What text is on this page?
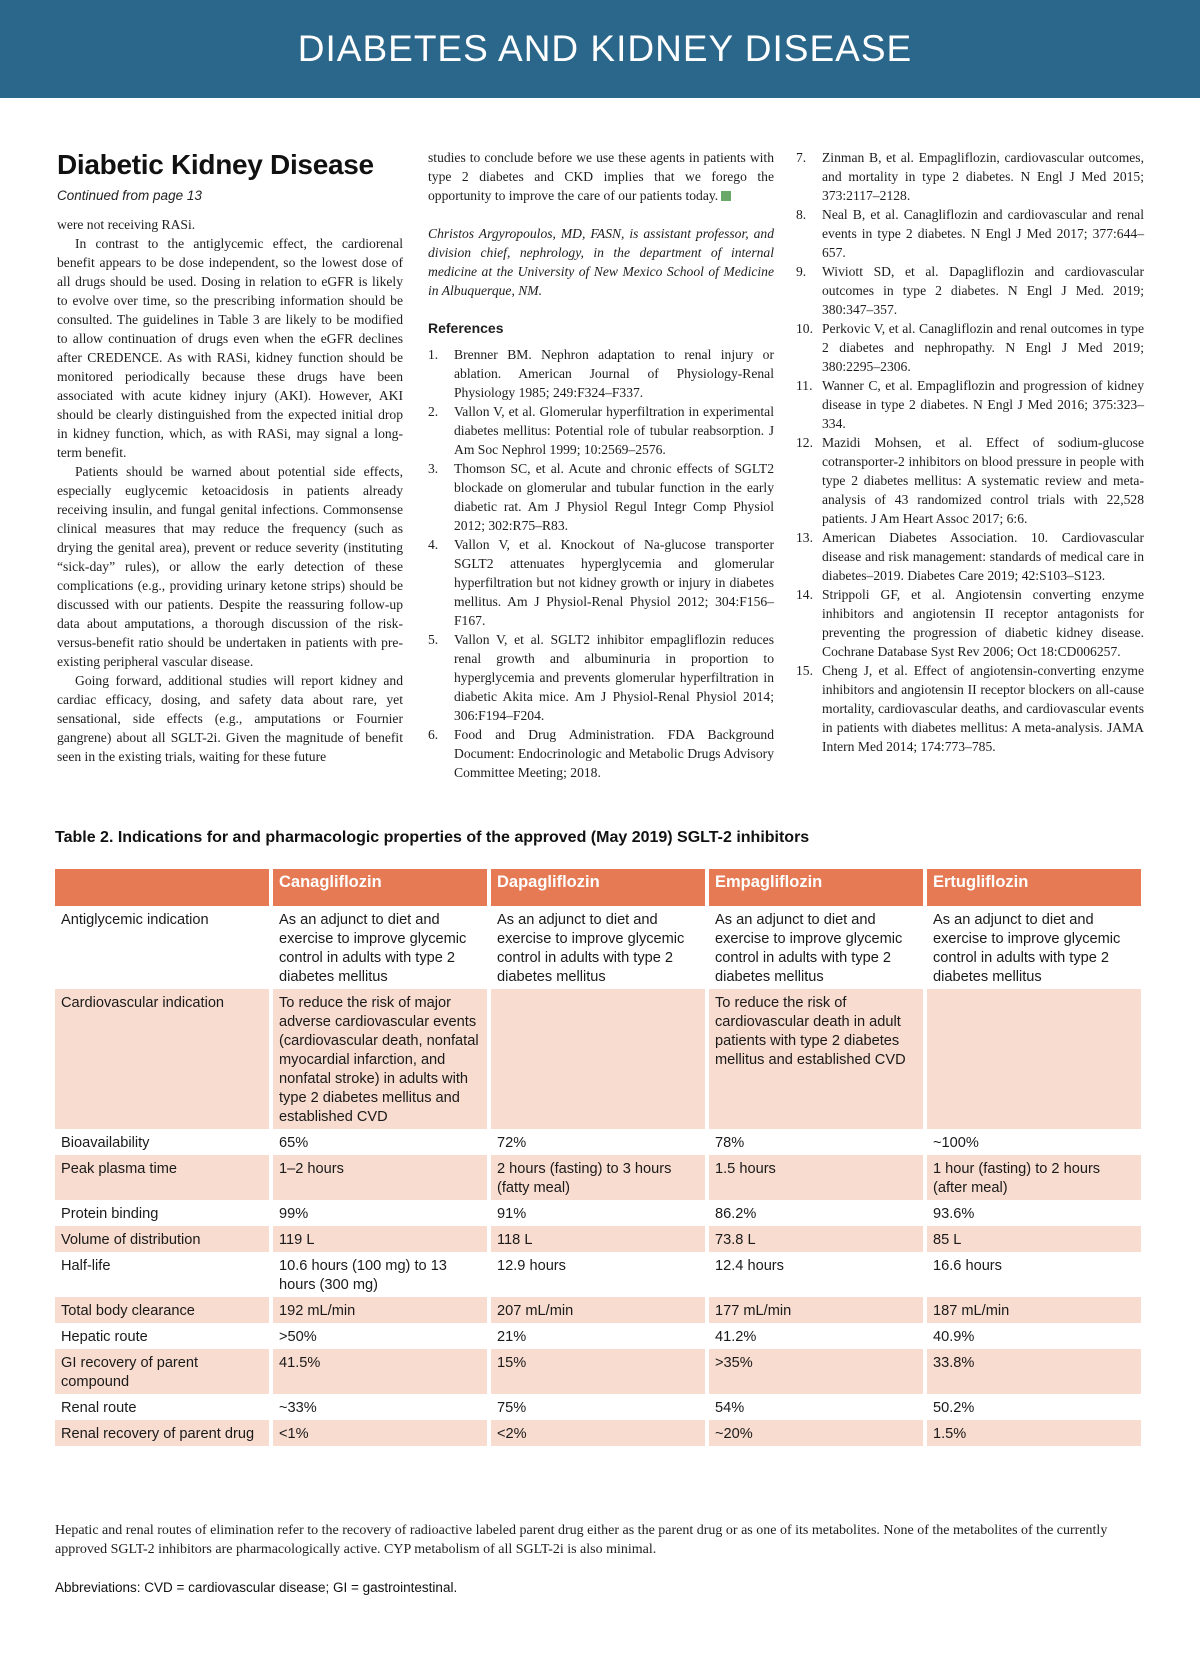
DIABETES AND KIDNEY DISEASE
Diabetic Kidney Disease
Continued from page 13

were not receiving RASi.

In contrast to the antiglycemic effect, the cardiorenal benefit appears to be dose independent, so the lowest dose of all drugs should be used. Dosing in relation to eGFR is likely to evolve over time, so the prescribing information should be consulted. The guidelines in Table 3 are likely to be modified to allow continuation of drugs even when the eGFR declines after CREDENCE. As with RASi, kidney function should be monitored periodically because these drugs have been associated with acute kidney injury (AKI). However, AKI should be clearly distinguished from the expected initial drop in kidney function, which, as with RASi, may signal a long-term benefit.

Patients should be warned about potential side effects, especially euglycemic ketoacidosis in patients already receiving insulin, and fungal genital infections. Commonsense clinical measures that may reduce the frequency (such as drying the genital area), prevent or reduce severity (instituting “sick-day” rules), or allow the early detection of these complications (e.g., providing urinary ketone strips) should be discussed with our patients. Despite the reassuring follow-up data about amputations, a thorough discussion of the risk-versus-benefit ratio should be undertaken in patients with pre-existing peripheral vascular disease.

Going forward, additional studies will report kidney and cardiac efficacy, dosing, and safety data about rare, yet sensational, side effects (e.g., amputations or Fournier gangrene) about all SGLT-2i. Given the magnitude of benefit seen in the existing trials, waiting for these future

studies to conclude before we use these agents in patients with type 2 diabetes and CKD implies that we forego the opportunity to improve the care of our patients today.

Christos Argyropoulos, MD, FASN, is assistant professor, and division chief, nephrology, in the department of internal medicine at the University of New Mexico School of Medicine in Albuquerque, NM.

References
1.	Brenner BM. Nephron adaptation to renal injury or ablation. American Journal of Physiology-Renal Physiology 1985; 249:F324–F337.
2.	Vallon V, et al. Glomerular hyperfiltration in experimental diabetes mellitus: Potential role of tubular reabsorption. J Am Soc Nephrol 1999; 10:2569–2576.
3.	Thomson SC, et al. Acute and chronic effects of SGLT2 blockade on glomerular and tubular function in the early diabetic rat. Am J Physiol Regul Integr Comp Physiol 2012; 302:R75–R83.
4.	Vallon V, et al. Knockout of Na-glucose transporter SGLT2 attenuates hyperglycemia and glomerular hyperfiltration but not kidney growth or injury in diabetes mellitus. Am J Physiol-Renal Physiol 2012; 304:F156–F167.
5.	Vallon V, et al. SGLT2 inhibitor empagliflozin reduces renal growth and albuminuria in proportion to hyperglycemia and prevents glomerular hyperfiltration in diabetic Akita mice. Am J Physiol-Renal Physiol 2014; 306:F194–F204.
6.	Food and Drug Administration. FDA Background Document: Endocrinologic and Metabolic Drugs Advisory Committee Meeting; 2018.
7.	Zinman B, et al. Empagliflozin, cardiovascular outcomes, and mortality in type 2 diabetes. N Engl J Med 2015; 373:2117–2128.
8.	Neal B, et al. Canagliflozin and cardiovascular and renal events in type 2 diabetes. N Engl J Med 2017; 377:644–657.
9.	Wiviott SD, et al. Dapagliflozin and cardiovascular outcomes in type 2 diabetes. N Engl J Med. 2019; 380:347–357.
10. Perkovic V, et al. Canagliflozin and renal outcomes in type 2 diabetes and nephropathy. N Engl J Med 2019; 380:2295–2306.
11. Wanner C, et al. Empagliflozin and progression of kidney disease in type 2 diabetes. N Engl J Med 2016; 375:323–334.
12. Mazidi Mohsen, et al. Effect of sodium-glucose cotransporter-2 inhibitors on blood pressure in people with type 2 diabetes mellitus: A systematic review and meta-analysis of 43 randomized control trials with 22,528 patients. J Am Heart Assoc 2017; 6:6.
13. American Diabetes Association. 10. Cardiovascular disease and risk management: standards of medical care in diabetes–2019. Diabetes Care 2019; 42:S103–S123.
14. Strippoli GF, et al. Angiotensin converting enzyme inhibitors and angiotensin II receptor antagonists for preventing the progression of diabetic kidney disease. Cochrane Database Syst Rev 2006; Oct 18:CD006257.
15. Cheng J, et al. Effect of angiotensin-converting enzyme inhibitors and angiotensin II receptor blockers on all-cause mortality, cardiovascular deaths, and cardiovascular events in patients with diabetes mellitus: A meta-analysis. JAMA Intern Med 2014; 174:773–785.
Table 2. Indications for and pharmacologic properties of the approved (May 2019) SGLT-2 inhibitors
	Canagliflozin	Dapagliflozin	Empagliflozin	Ertugliflozin
Antiglycemic indication	As an adjunct to diet and exercise to improve glycemic control in adults with type 2 diabetes mellitus	As an adjunct to diet and exercise to improve glycemic control in adults with type 2 diabetes mellitus	As an adjunct to diet and exercise to improve glycemic control in adults with type 2 diabetes mellitus	As an adjunct to diet and exercise to improve glycemic control in adults with type 2 diabetes mellitus
Cardiovascular indication	To reduce the risk of major adverse cardiovascular events (cardiovascular death, nonfatal myocardial infarction, and nonfatal stroke) in adults with type 2 diabetes mellitus and established CVD		To reduce the risk of cardiovascular death in adult patients with type 2 diabetes mellitus and established CVD	
Bioavailability	65%	72%	78%	~100%
Peak plasma time	1–2 hours	2 hours (fasting) to 3 hours (fatty meal)	1.5 hours	1 hour (fasting) to 2 hours (after meal)
Protein binding	99%	91%	86.2%	93.6%
Volume of distribution	119 L	118 L	73.8 L	85 L
Half-life	10.6 hours (100 mg) to 13 hours (300 mg)	12.9 hours	12.4 hours	16.6 hours
Total body clearance	192 mL/min	207 mL/min	177 mL/min	187 mL/min
Hepatic route	>50%	21%	41.2%	40.9%
GI recovery of parent compound	41.5%	15%	>35%	33.8%
Renal route	~33%	75%	54%	50.2%
Renal recovery of parent drug	<1%	<2%	~20%	1.5%
Hepatic and renal routes of elimination refer to the recovery of radioactive labeled parent drug either as the parent drug or as one of its metabolites. None of the metabolites of the currently approved SGLT-2 inhibitors are pharmacologically active. CYP metabolism of all SGLT-2i is also minimal.
Abbreviations: CVD = cardiovascular disease; GI = gastrointestinal.
